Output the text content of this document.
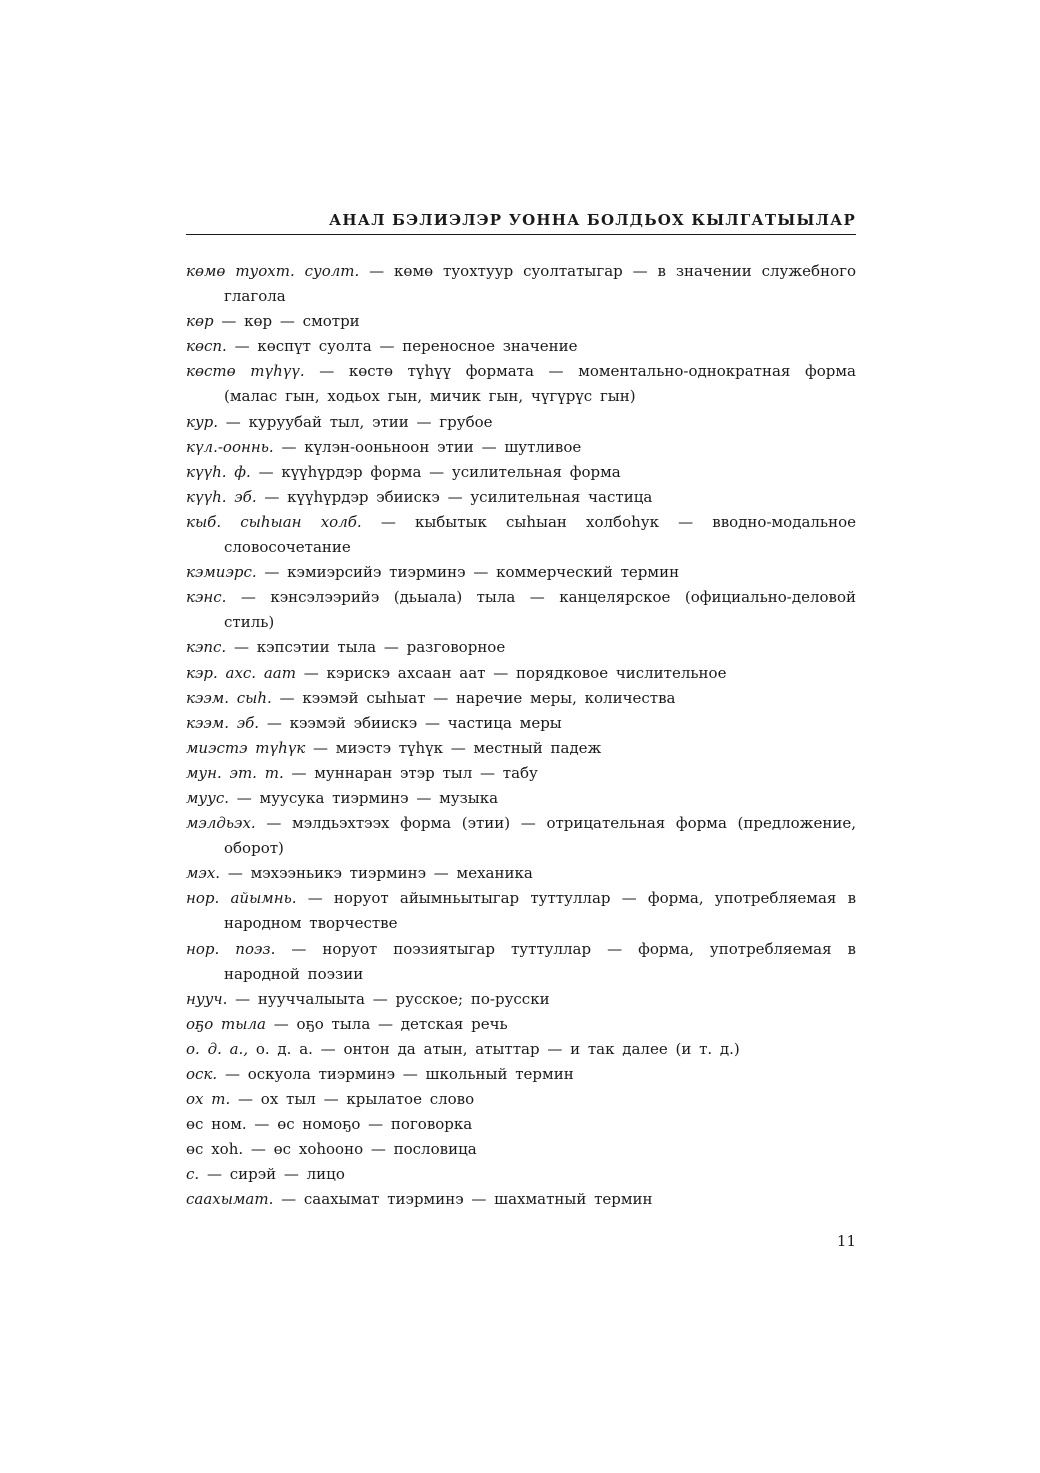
АНАЛ БЭЛИЭЛЭР УОННА БОЛДЬОХ КЫЛГАТЫЫЛАР
көмө туохт. суолт. — көмө туохтуур суолтатыгар — в значении служебного глагола
көр — көр — смотри
көсп. — көспүт суолта — переносное значение
көстө түһүү. — көстө түһүү формата — моментально-однократная форма (малас гын, ходьох гын, мичик гын, чүгүрүс гын)
кур. — куруубай тыл, этии — грубое
күл.-ооннь. — күлэн-ооньноон этии — шутливое
күүһ. ф. — күүһүрдэр форма — усилительная форма
күүһ. эб. — күүһүрдэр эбиискэ — усилительная частица
кыб. сыһыан холб. — кыбытык сыһыан холбоһук — вводно-модальное словосочетание
кэмиэрс. — кэмиэрсийэ тиэрминэ — коммерческий термин
кэнс. — кэнсэлээрийэ (дьыала) тыла — канцелярское (официально-деловой стиль)
кэпс. — кэпсэтии тыла — разговорное
кэр. ахс. аат — кэрискэ ахсаан аат — порядковое числительное
кээм. сыһ. — кээмэй сыһыат — наречие меры, количества
кээм. эб. — кээмэй эбиискэ — частица меры
миэстэ түһүк — миэстэ түһүк — местный падеж
мун. эт. т. — муннаран этэр тыл — табу
муус. — муусука тиэрминэ — музыка
мэлдьэх. — мэлдьэхтээх форма (этии) — отрицательная форма (предложение, оборот)
мэх. — мэхээньикэ тиэрминэ — механика
нор. айымнь. — норуот айымньытыгар туттуллар — форма, употребляемая в народном творчестве
нор. поэз. — норуот поэзиятыгар туттуллар — форма, употребляемая в народной поэзии
нууч. — нууччалыыта — русское; по-русски
оҕо тыла — оҕо тыла — детская речь
о. д. а., о. д. а. — онтон да атын, атыттар — и так далее (и т. д.)
оск. — оскуола тиэрминэ — школьный термин
ох т. — ох тыл — крылатое слово
өс ном. — өс номоҕо — поговорка
өс хоһ. — өс хоһооно — пословица
с. — сирэй — лицо
саахымат. — саахымат тиэрминэ — шахматный термин
11
